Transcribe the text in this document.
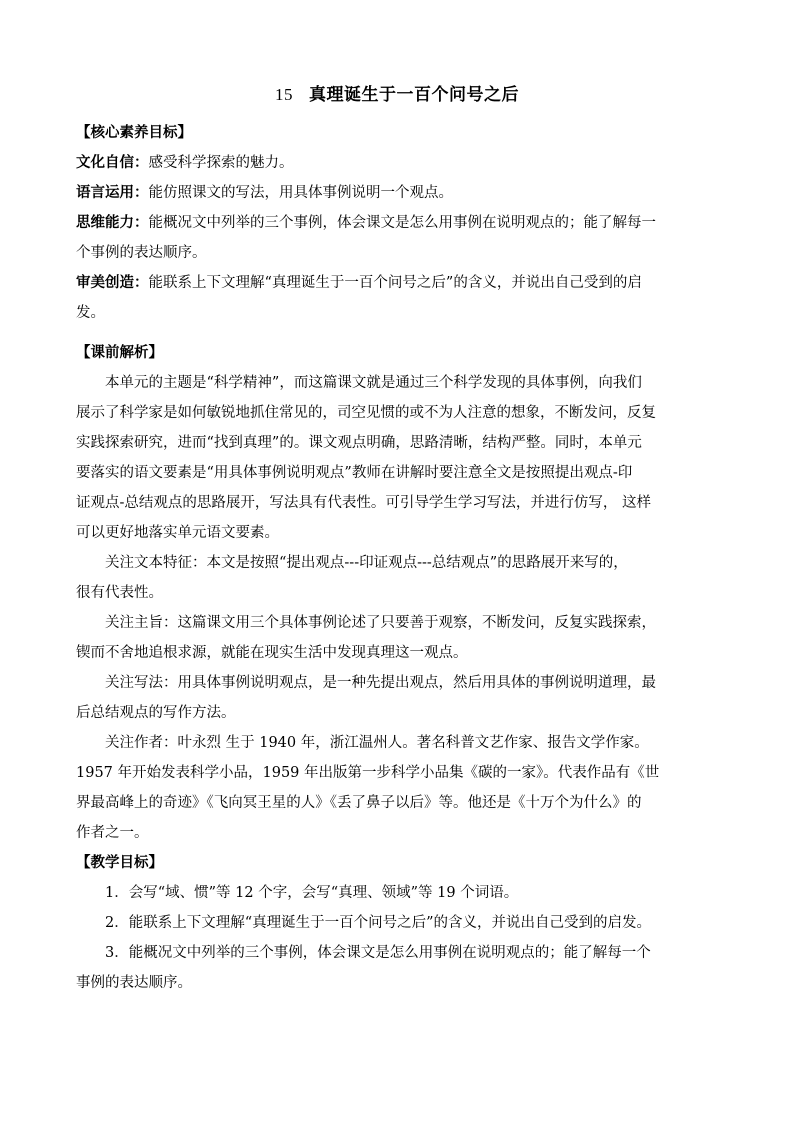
15 真理诞生于一百个问号之后
【核心素养目标】
文化自信：感受科学探索的魅力。
语言运用：能仿照课文的写法，用具体事例说明一个观点。
思维能力：能概况文中列举的三个事例，体会课文是怎么用事例在说明观点的；能了解每一
个事例的表达顺序。
审美创造：能联系上下文理解“真理诞生于一百个问号之后”的含义，并说出自己受到的启
发。
【课前解析】
本单元的主题是“科学精神”，而这篇课文就是通过三个科学发现的具体事例，向我们
展示了科学家是如何敏锐地抓住常见的，司空见惯的或不为人注意的想象，不断发问，反复
实践探索研究，进而“找到真理”的。课文观点明确，思路清晰，结构严整。同时，本单元
要落实的语文要素是“用具体事例说明观点”教师在讲解时要注意全文是按照提出观点-印
证观点-总结观点的思路展开，写法具有代表性。可引导学生学习写法，并进行仿写， 这样
可以更好地落实单元语文要素。
关注文本特征：本文是按照“提出观点---印证观点---总结观点”的思路展开来写的，
很有代表性。
关注主旨：这篇课文用三个具体事例论述了只要善于观察，不断发问，反复实践探索，
锲而不舍地追根求源，就能在现实生活中发现真理这一观点。
关注写法：用具体事例说明观点，是一种先提出观点，然后用具体的事例说明道理，最
后总结观点的写作方法。
关注作者：叶永烈 生于 1940 年，浙江温州人。著名科普文艺作家、报告文学作家。
1957 年开始发表科学小品，1959 年出版第一步科学小品集《碳的一家》。代表作品有《世
界最高峰上的奇迹》《飞向冥王星的人》《丢了鼻子以后》等。他还是《十万个为什么》的
作者之一。
【教学目标】
1．会写“域、惯”等 12 个字，会写“真理、领域”等 19 个词语。
2．能联系上下文理解“真理诞生于一百个问号之后”的含义，并说出自己受到的启发。
3．能概况文中列举的三个事例，体会课文是怎么用事例在说明观点的；能了解每一个
事例的表达顺序。
